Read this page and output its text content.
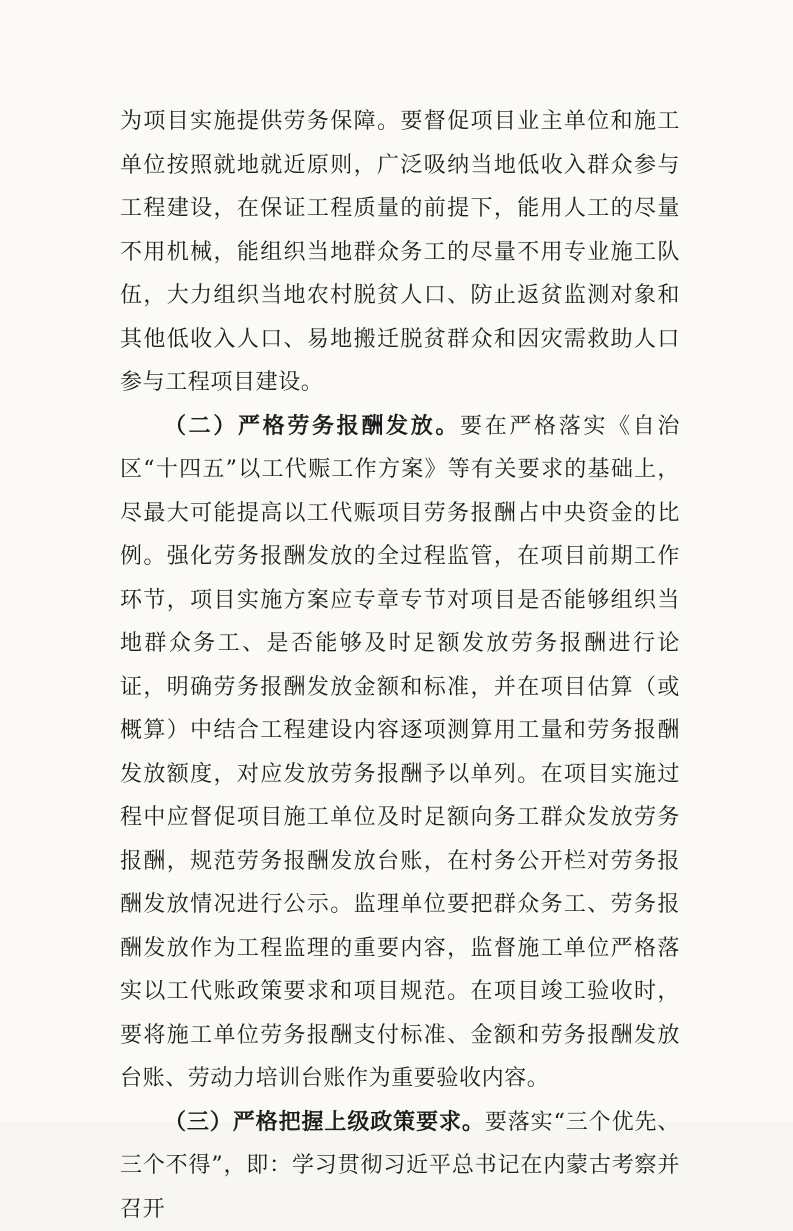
为项目实施提供劳务保障。要督促项目业主单位和施工单位按照就地就近原则，广泛吸纳当地低收入群众参与工程建设，在保证工程质量的前提下，能用人工的尽量不用机械，能组织当地群众务工的尽量不用专业施工队伍，大力组织当地农村脱贫人口、防止返贫监测对象和其他低收入人口、易地搬迁脱贫群众和因灾需救助人口参与工程项目建设。

（二）严格劳务报酬发放。要在严格落实《自治区“十四五”以工代赈工作方案》等有关要求的基础上，尽最大可能提高以工代赈项目劳务报酬占中央资金的比例。强化劳务报酬发放的全过程监管，在项目前期工作环节，项目实施方案应专章专节对项目是否能够组织当地群众务工、是否能够及时足额发放劳务报酬进行论证，明确劳务报酬发放金额和标准，并在项目估算（或概算）中结合工程建设内容逐项测算用工量和劳务报酬发放额度，对应发放劳务报酬予以单列。在项目实施过程中应督促项目施工单位及时足额向务工群众发放劳务报酬，规范劳务报酬发放台账，在村务公开栏对劳务报酬发放情况进行公示。监理单位要把群众务工、劳务报酬发放作为工程监理的重要内容，监督施工单位严格落实以工代账政策要求和项目规范。在项目竣工验收时，要将施工单位劳务报酬支付标准、金额和劳务报酬发放台账、劳动力培训台账作为重要验收内容。

（三）严格把握上级政策要求。要落实“三个优先、三个不得”，即：学习贯彻习近平总书记在内蒙古考察并召开
